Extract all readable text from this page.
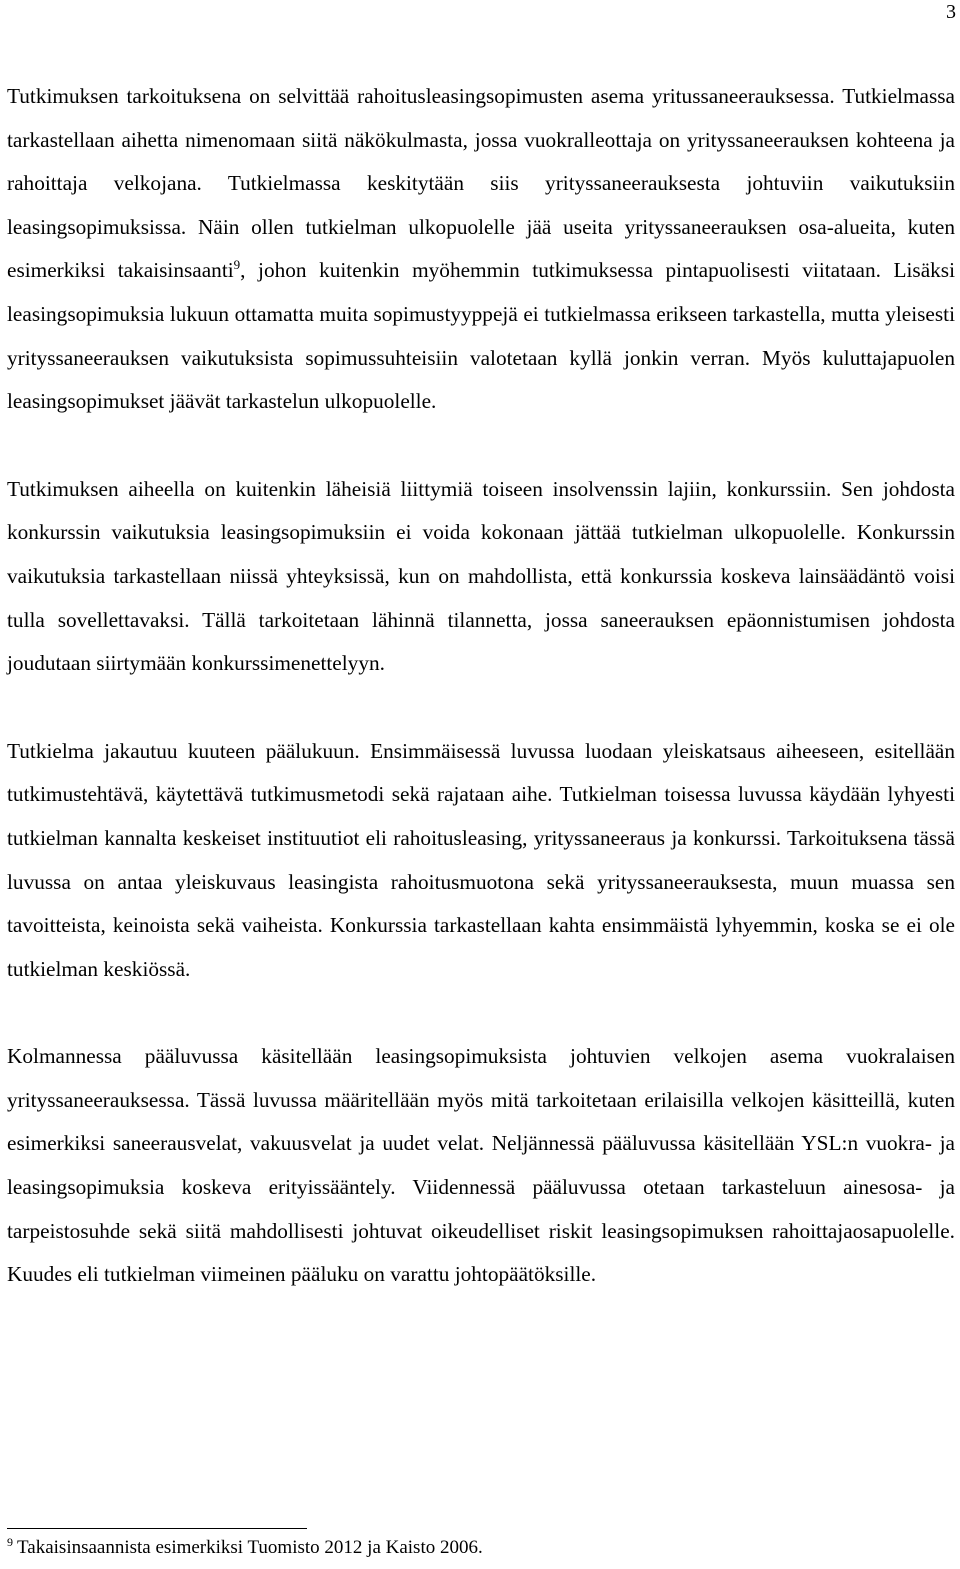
3

Tutkimuksen tarkoituksena on selvittää rahoitusleasingsopimusten asema yritussaneerauksessa. Tutkielmassa tarkastellaan aihetta nimenomaan siitä näkökulmasta, jossa vuokralleottaja on yrityssaneerauksen kohteena ja rahoittaja velkojana. Tutkielmassa keskitytään siis yrityssaneerauksesta johtuviin vaikutuksiin leasingsopimuksissa. Näin ollen tutkielman ulkopuolelle jää useita yrityssaneerauksen osa-alueita, kuten esimerkiksi takaisinsaanti$^9$, johon kuitenkin myöhemmin tutkimuksessa pintapuolisesti viitataan. Lisäksi leasingsopimuksia lukuun ottamatta muita sopimustyyppejä ei tutkielmassa erikseen tarkastella, mutta yleisesti yrityssaneerauksen vaikutuksista sopimussuhteisiin valotetaan kyllä jonkin verran. Myös kuluttajapuolen leasingsopimukset jäävät tarkastelun ulkopuolelle.

Tutkimuksen aiheella on kuitenkin läheisiä liittymiä toiseen insolvenssin lajiin, konkurssiin. Sen johdosta konkurssin vaikutuksia leasingsopimuksiin ei voida kokonaan jättää tutkielman ulkopuolelle. Konkurssin vaikutuksia tarkastellaan niissä yhteyksissä, kun on mahdollista, että konkurssia koskeva lainsäädäntö voisi tulla sovellettavaksi. Tällä tarkoitetaan lähinnä tilannetta, jossa saneerauksen epäonnistumisen johdosta joudutaan siirtymään konkurssimenettelyyn.

Tutkielma jakautuu kuuteen päälukuun. Ensimmäisessä luvussa luodaan yleiskatsaus aiheeseen, esitellään tutkimustehtävä, käytettävä tutkimusmetodi sekä rajataan aihe. Tutkielman toisessa luvussa käydään lyhyesti tutkielman kannalta keskeiset instituutiot eli rahoitusleasing, yrityssaneeraus ja konkurssi. Tarkoituksena tässä luvussa on antaa yleiskuvaus leasingista rahoitusmuotona sekä yrityssaneerauksesta, muun muassa sen tavoitteista, keinoista sekä vaiheista. Konkurssia tarkastellaan kahta ensimmäistä lyhyemmin, koska se ei ole tutkielman keskiössä.

Kolmannessa pääluvussa käsitellään leasingsopimuksista johtuvien velkojen asema vuokralaisen yrityssaneerauksessa. Tässä luvussa määritellään myös mitä tarkoitetaan erilaisilla velkojen käsitteillä, kuten esimerkiksi saneerausvelat, vakuusvelat ja uudet velat. Neljännessä pääluvussa käsitellään YSL:n vuokra- ja leasingsopimuksia koskeva erityissääntely. Viidennessä pääluvussa otetaan tarkasteluun ainesosa- ja tarpeistosuhde sekä siitä mahdollisesti johtuvat oikeudelliset riskit leasingsopimuksen rahoittajaosapuolelle. Kuudes eli tutkielman viimeinen pääluku on varattu johtopäätöksille.

$^9$ Takaisinsaannista esimerkiksi Tuomisto 2012 ja Kaisto 2006.
